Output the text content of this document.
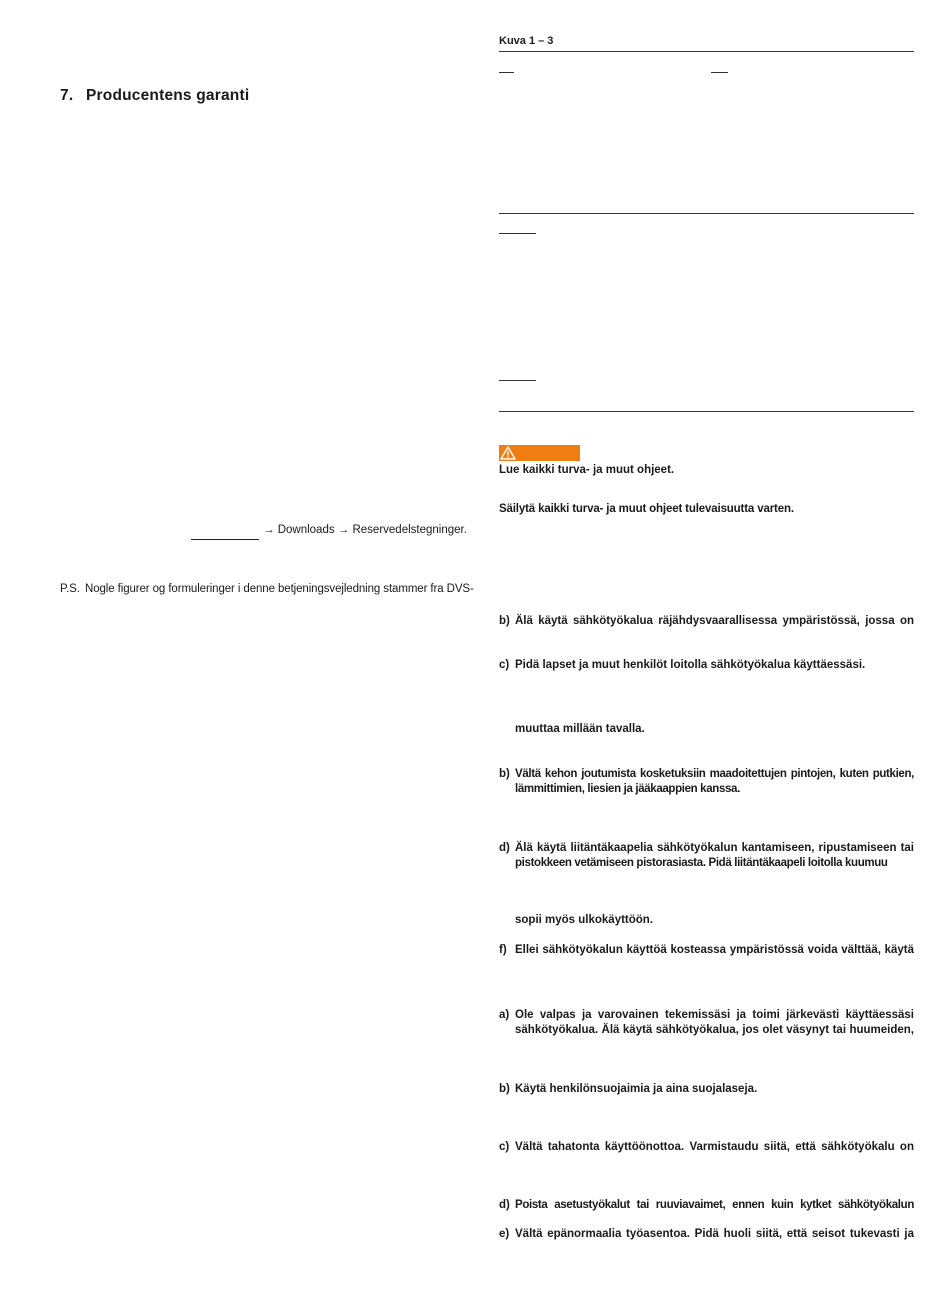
7. Producentens garanti
→ Downloads → Reservedelstegninger.
P.S. Nogle figurer og formuleringer i denne betjeningsvejledning stammer fra DVS-
Kuva 1 – 3
Lue kaikki turva- ja muut ohjeet.
Säilytä kaikki turva- ja muut ohjeet tulevaisuutta varten.
b) Älä käytä sähkötyökalua räjähdysvaarallisessa ympäristössä, jossa on
c) Pidä lapset ja muut henkilöt loitolla sähkötyökalua käyttäessäsi.
muuttaa millään tavalla.
b) Vältä kehon joutumista kosketuksiin maadoitettujen pintojen, kuten putkien,
lämmittimien, liesien ja jääkaappien kanssa.
d) Älä käytä liitäntäkaapelia sähkötyökalun kantamiseen, ripustamiseen tai
pistokkeen vetämiseen pistorasiasta. Pidä liitäntäkaapeli loitolla kuumuu
sopii myös ulkokäyttöön.
f) Ellei sähkötyökalun käyttöä kosteassa ympäristössä voida välttää, käytä
a) Ole valpas ja varovainen tekemissäsi ja toimi järkevästi käyttäessäsi
sähkötyökalua. Älä käytä sähkötyökalua, jos olet väsynyt tai huumeiden,
b) Käytä henkilönsuojaimia ja aina suojalaseja.
c) Vältä tahatonta käyttöönottoa. Varmistaudu siitä, että sähkötyökalu on
d) Poista asetustyökalut tai ruuviavaimet, ennen kuin kytket sähkötyökalun
e) Vältä epänormaalia työasentoa. Pidä huoli siitä, että seisot tukevasti ja
